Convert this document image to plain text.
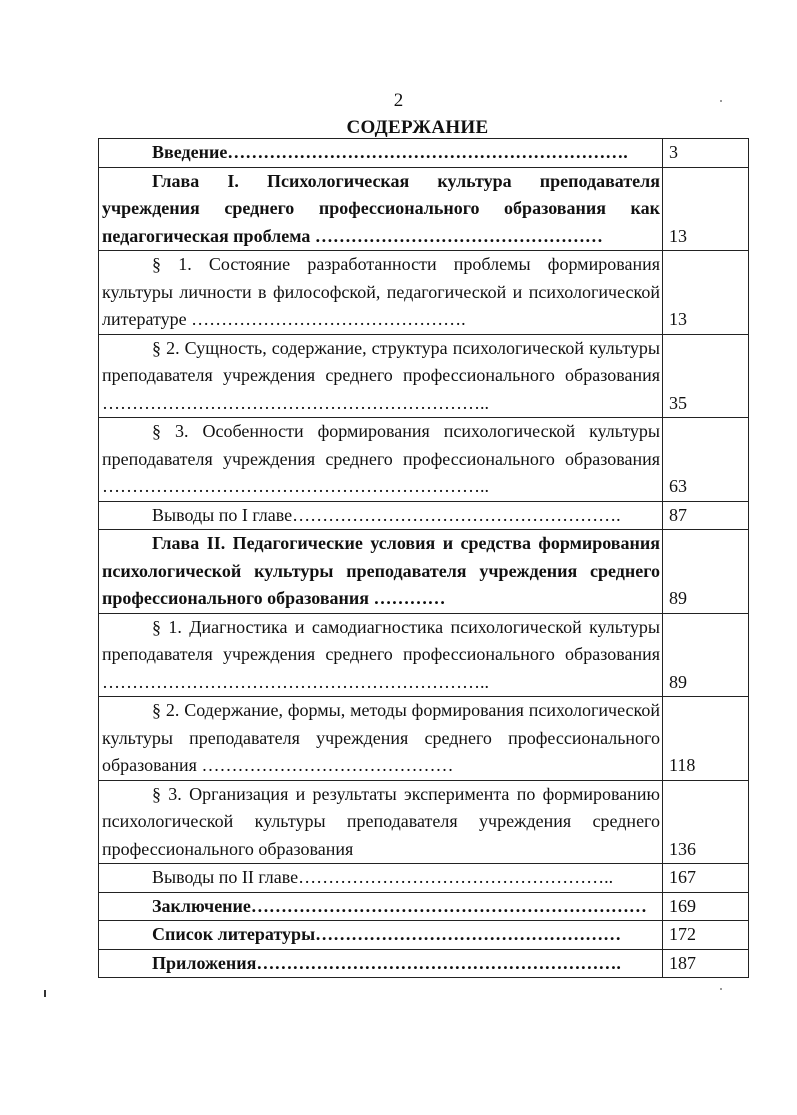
2
СОДЕРЖАНИЕ
Введение………………………………………………………….	3

Глава I. Психологическая культура преподавателя учреждения среднего профессионального образования как педагогическая проблема …………………………………………	13

§ 1. Состояние разработанности проблемы формирования культуры личности в философской, педагогической и психологической литературе ……………………………………….	13

§ 2. Сущность, содержание, структура психологической культуры преподавателя учреждения среднего профессионального образования ………………………………………………………..	35

§ 3. Особенности формирования психологической культуры преподавателя учреждения среднего профессионального образования ………………………………………………………..	63

Выводы по I главе……………………………………………….	87

Глава II. Педагогические условия и средства формирования психологической культуры преподавателя учреждения среднего профессионального образования …………	89

§ 1. Диагностика и самодиагностика психологической культуры преподавателя учреждения среднего профессионального образования ………………………………………………………..	89

§ 2. Содержание, формы, методы формирования психологической культуры преподавателя учреждения среднего профессионального образования ……………………………………	118

§ 3. Организация и результаты эксперимента по формированию психологической культуры преподавателя учреждения среднего профессионального образования	136

Выводы по II главе……………………………………………..	167

Заключение…………………………………………………………	169

Список литературы……………………………………………	172

Приложения…………………………………………………….	187
